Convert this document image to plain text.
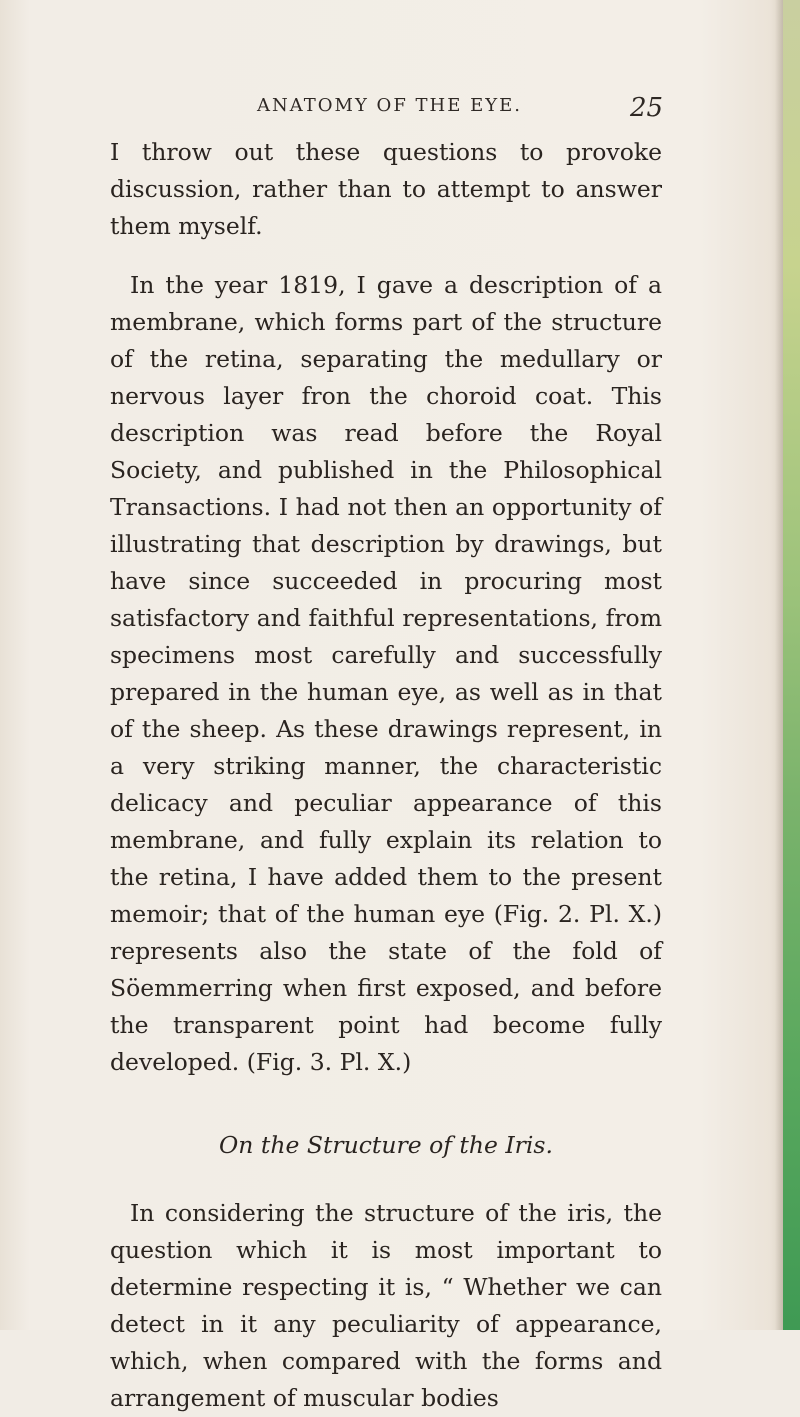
ANATOMY OF THE EYE.	25

I throw out these questions to provoke discussion, rather than to attempt to answer them myself.

In the year 1819, I gave a description of a membrane, which forms part of the structure of the retina, separating the medullary or nervous layer fron the choroid coat. This description was read before the Royal Society, and published in the Philosophical Transactions. I had not then an opportunity of illustrating that description by drawings, but have since succeeded in procuring most satisfactory and faithful representations, from specimens most carefully and successfully prepared in the human eye, as well as in that of the sheep. As these drawings represent, in a very striking manner, the characteristic delicacy and peculiar appearance of this membrane, and fully explain its relation to the retina, I have added them to the present memoir; that of the human eye (Fig. 2. Pl. X.) represents also the state of the fold of Söemmerring when first exposed, and before the transparent point had become fully developed. (Fig. 3. Pl. X.)

On the Structure of the Iris.

In considering the structure of the iris, the question which it is most important to determine respecting it is, “ Whether we can detect in it any peculiarity of appearance, which, when compared with the forms and arrangement of muscular bodies
